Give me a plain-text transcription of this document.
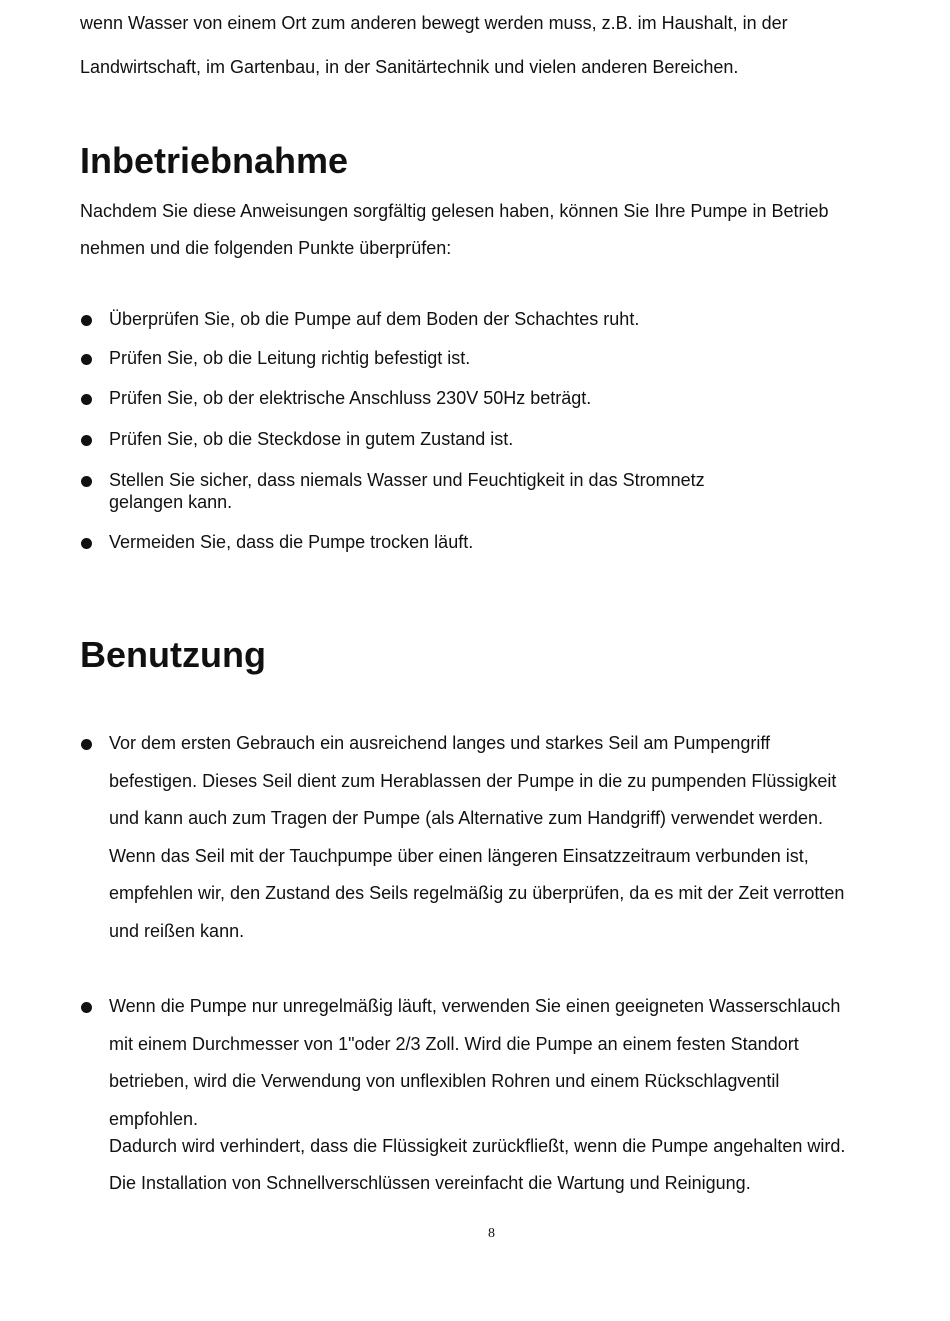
wenn Wasser von einem Ort zum anderen bewegt werden muss, z.B. im Haushalt, in der
Landwirtschaft, im Gartenbau, in der Sanitärtechnik und vielen anderen Bereichen.
Inbetriebnahme
Nachdem Sie diese Anweisungen sorgfältig gelesen haben, können Sie Ihre Pumpe in Betrieb
nehmen und die folgenden Punkte überprüfen:
Überprüfen Sie, ob die Pumpe auf dem Boden der Schachtes ruht.
Prüfen Sie, ob die Leitung richtig befestigt ist.
Prüfen Sie, ob der elektrische Anschluss 230V 50Hz beträgt.
Prüfen Sie, ob die Steckdose in gutem Zustand ist.
Stellen Sie sicher, dass niemals Wasser und Feuchtigkeit in das Stromnetz
gelangen kann.
Vermeiden Sie, dass die Pumpe trocken läuft.
Benutzung
Vor dem ersten Gebrauch ein ausreichend langes und starkes Seil am Pumpengriff
befestigen. Dieses Seil dient zum Herablassen der Pumpe in die zu pumpenden Flüssigkeit
und kann auch zum Tragen der Pumpe (als Alternative zum Handgriff) verwendet werden.
Wenn das Seil mit der Tauchpumpe über einen längeren Einsatzzeitraum verbunden ist,
empfehlen wir, den Zustand des Seils regelmäßig zu überprüfen, da es mit der Zeit verrotten
und reißen kann.
Wenn die Pumpe nur unregelmäßig läuft, verwenden Sie einen geeigneten Wasserschlauch
mit einem Durchmesser von 1"oder 2/3 Zoll. Wird die Pumpe an einem festen Standort
betrieben, wird die Verwendung von unflexiblen Rohren und einem Rückschlagventil
empfohlen.
Dadurch wird verhindert, dass die Flüssigkeit zurückfließt, wenn die Pumpe angehalten wird.
Die Installation von Schnellverschlüssen vereinfacht die Wartung und Reinigung.
8
